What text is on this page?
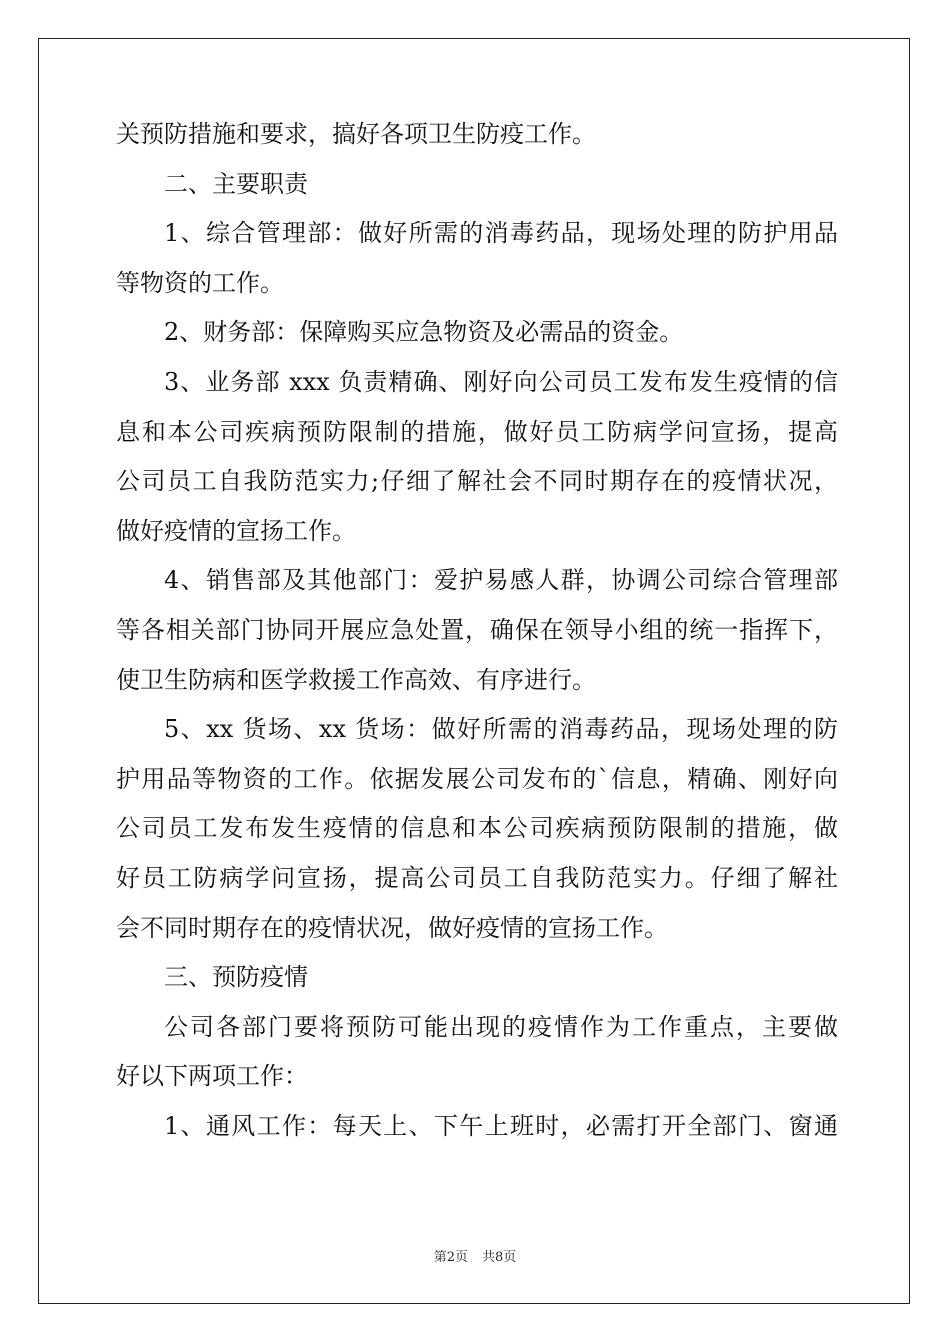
关预防措施和要求，搞好各项卫生防疫工作。
二、主要职责
1、综合管理部：做好所需的消毒药品，现场处理的防护用品
等物资的工作。
2、财务部：保障购买应急物资及必需品的资金。
3、业务部 xxx 负责精确、刚好向公司员工发布发生疫情的信
息和本公司疾病预防限制的措施，做好员工防病学问宣扬，提高
公司员工自我防范实力;仔细了解社会不同时期存在的疫情状况，
做好疫情的宣扬工作。
4、销售部及其他部门：爱护易感人群，协调公司综合管理部
等各相关部门协同开展应急处置，确保在领导小组的统一指挥下，
使卫生防病和医学救援工作高效、有序进行。
5、xx 货场、xx 货场：做好所需的消毒药品，现场处理的防
护用品等物资的工作。依据发展公司发布的`信息，精确、刚好向
公司员工发布发生疫情的信息和本公司疾病预防限制的措施，做
好员工防病学问宣扬，提高公司员工自我防范实力。仔细了解社
会不同时期存在的疫情状况，做好疫情的宣扬工作。
三、预防疫情
公司各部门要将预防可能出现的疫情作为工作重点，主要做
好以下两项工作：
1、通风工作：每天上、下午上班时，必需打开全部门、窗通
第2页 共8页
